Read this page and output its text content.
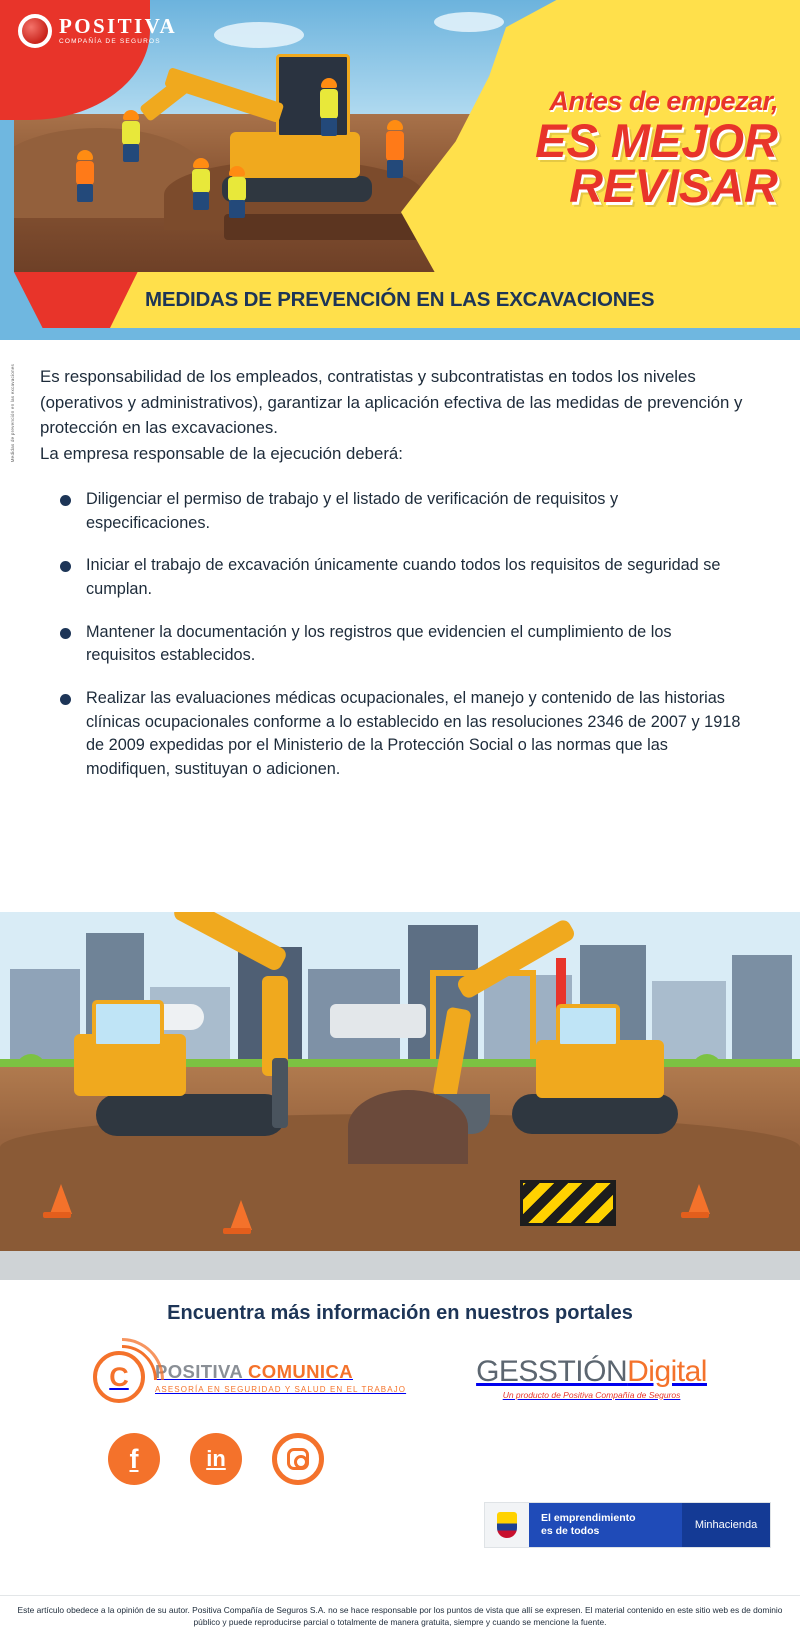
POSITIVA
COMPAÑÍA DE SEGUROS
Antes de empezar,
ES MEJOR
REVISAR
MEDIDAS DE PREVENCIÓN EN LAS EXCAVACIONES
Medidas de prevención en las excavaciones	Es responsabilidad de los empleados, contratistas y subcontratistas en todos los niveles (operativos y administrativos), garantizar la aplicación efectiva de las medidas de prevención y protección en las excavaciones.

La empresa responsable de la ejecución deberá:

Diligenciar el permiso de trabajo y el listado de verificación de requisitos y especificaciones.
Iniciar el trabajo de excavación únicamente cuando todos los requisitos de seguridad se cumplan.
Mantener la documentación y los registros que evidencien el cumplimiento de los requisitos establecidos.
Realizar las evaluaciones médicas ocupacionales, el manejo y contenido de las historias clínicas ocupacionales conforme a lo establecido en las resoluciones 2346 de 2007 y 1918 de 2009 expedidas por el Ministerio de la Protección Social o las normas que las modifiquen, sustituyan o adicionen.
Encuentra más información en nuestros portales
C POSITIVA COMUNICA
ASESORÍA EN SEGURIDAD Y SALUD EN EL TRABAJO
GESSTIÓNDigital
Un producto de Positiva Compañía de Seguros
f	in
El emprendimiento
es de todos	Minhacienda
Este artículo obedece a la opinión de su autor. Positiva Compañía de Seguros S.A. no se hace responsable por los puntos de vista que allí se expresen. El material contenido en este sitio web es de dominio público y puede reproducirse parcial o totalmente de manera gratuita, siempre y cuando se mencione la fuente.
